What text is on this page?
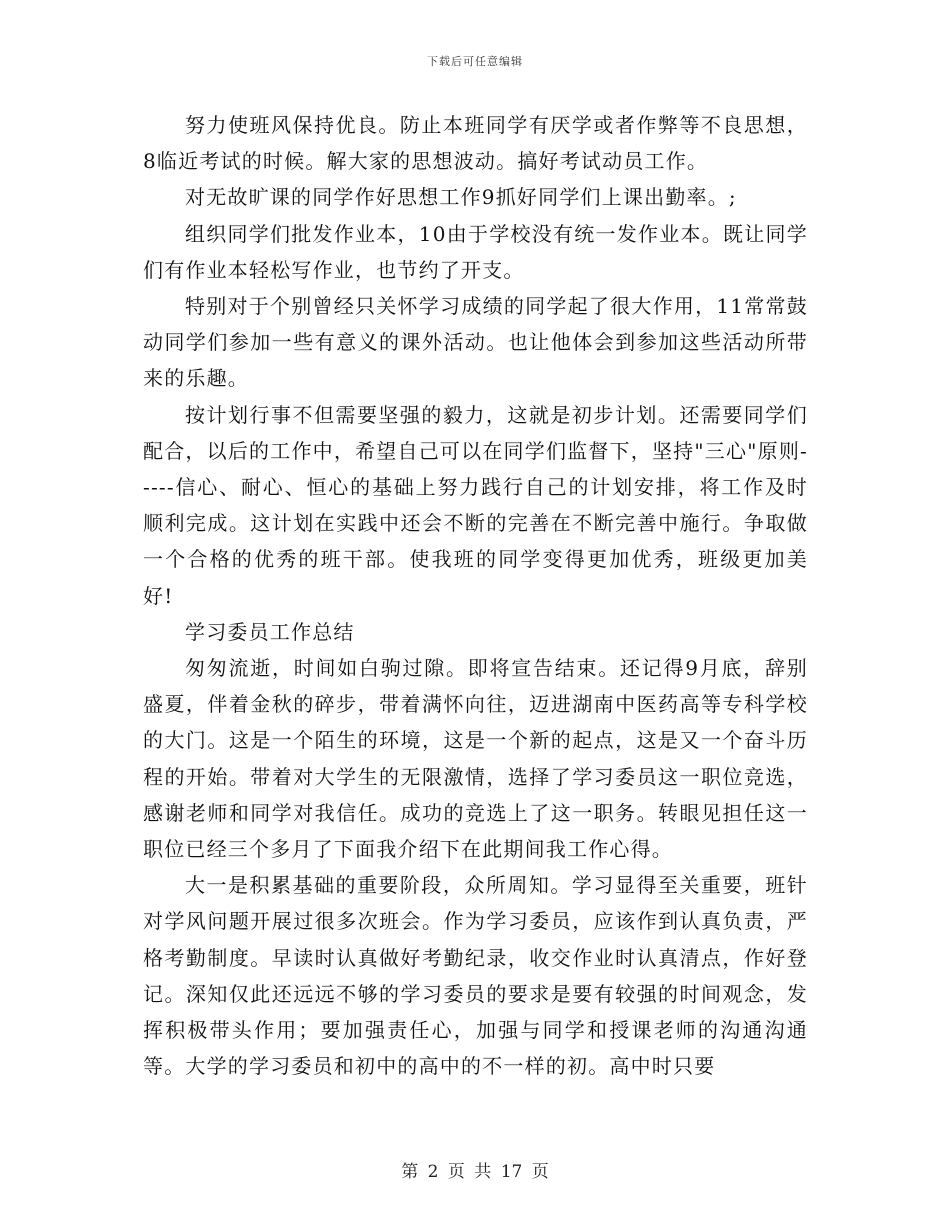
下载后可任意编辑

努力使班风保持优良。防止本班同学有厌学或者作弊等不良思想，8临近考试的时候。解大家的思想波动。搞好考试动员工作。

对无故旷课的同学作好思想工作9抓好同学们上课出勤率。;

组织同学们批发作业本，10由于学校没有统一发作业本。既让同学们有作业本轻松写作业，也节约了开支。

特别对于个别曾经只关怀学习成绩的同学起了很大作用，11常常鼓动同学们参加一些有意义的课外活动。也让他体会到参加这些活动所带来的乐趣。

按计划行事不但需要坚强的毅力，这就是初步计划。还需要同学们配合，以后的工作中，希望自己可以在同学们监督下，坚持"三心"原则-----信心、耐心、恒心的基础上努力践行自己的计划安排，将工作及时顺利完成。这计划在实践中还会不断的完善在不断完善中施行。争取做一个合格的优秀的班干部。使我班的同学变得更加优秀，班级更加美好!

学习委员工作总结

匆匆流逝，时间如白驹过隙。即将宣告结束。还记得9月底，辞别盛夏，伴着金秋的碎步，带着满怀向往，迈进湖南中医药高等专科学校的大门。这是一个陌生的环境，这是一个新的起点，这是又一个奋斗历程的开始。带着对大学生的无限激情，选择了学习委员这一职位竞选，感谢老师和同学对我信任。成功的竞选上了这一职务。转眼见担任这一职位已经三个多月了下面我介绍下在此期间我工作心得。

大一是积累基础的重要阶段，众所周知。学习显得至关重要，班针对学风问题开展过很多次班会。作为学习委员，应该作到认真负责，严格考勤制度。早读时认真做好考勤纪录，收交作业时认真清点，作好登记。深知仅此还远远不够的学习委员的要求是要有较强的时间观念，发挥积极带头作用；要加强责任心，加强与同学和授课老师的沟通沟通等。大学的学习委员和初中的高中的不一样的初。高中时只要

第 2 页 共 17 页
